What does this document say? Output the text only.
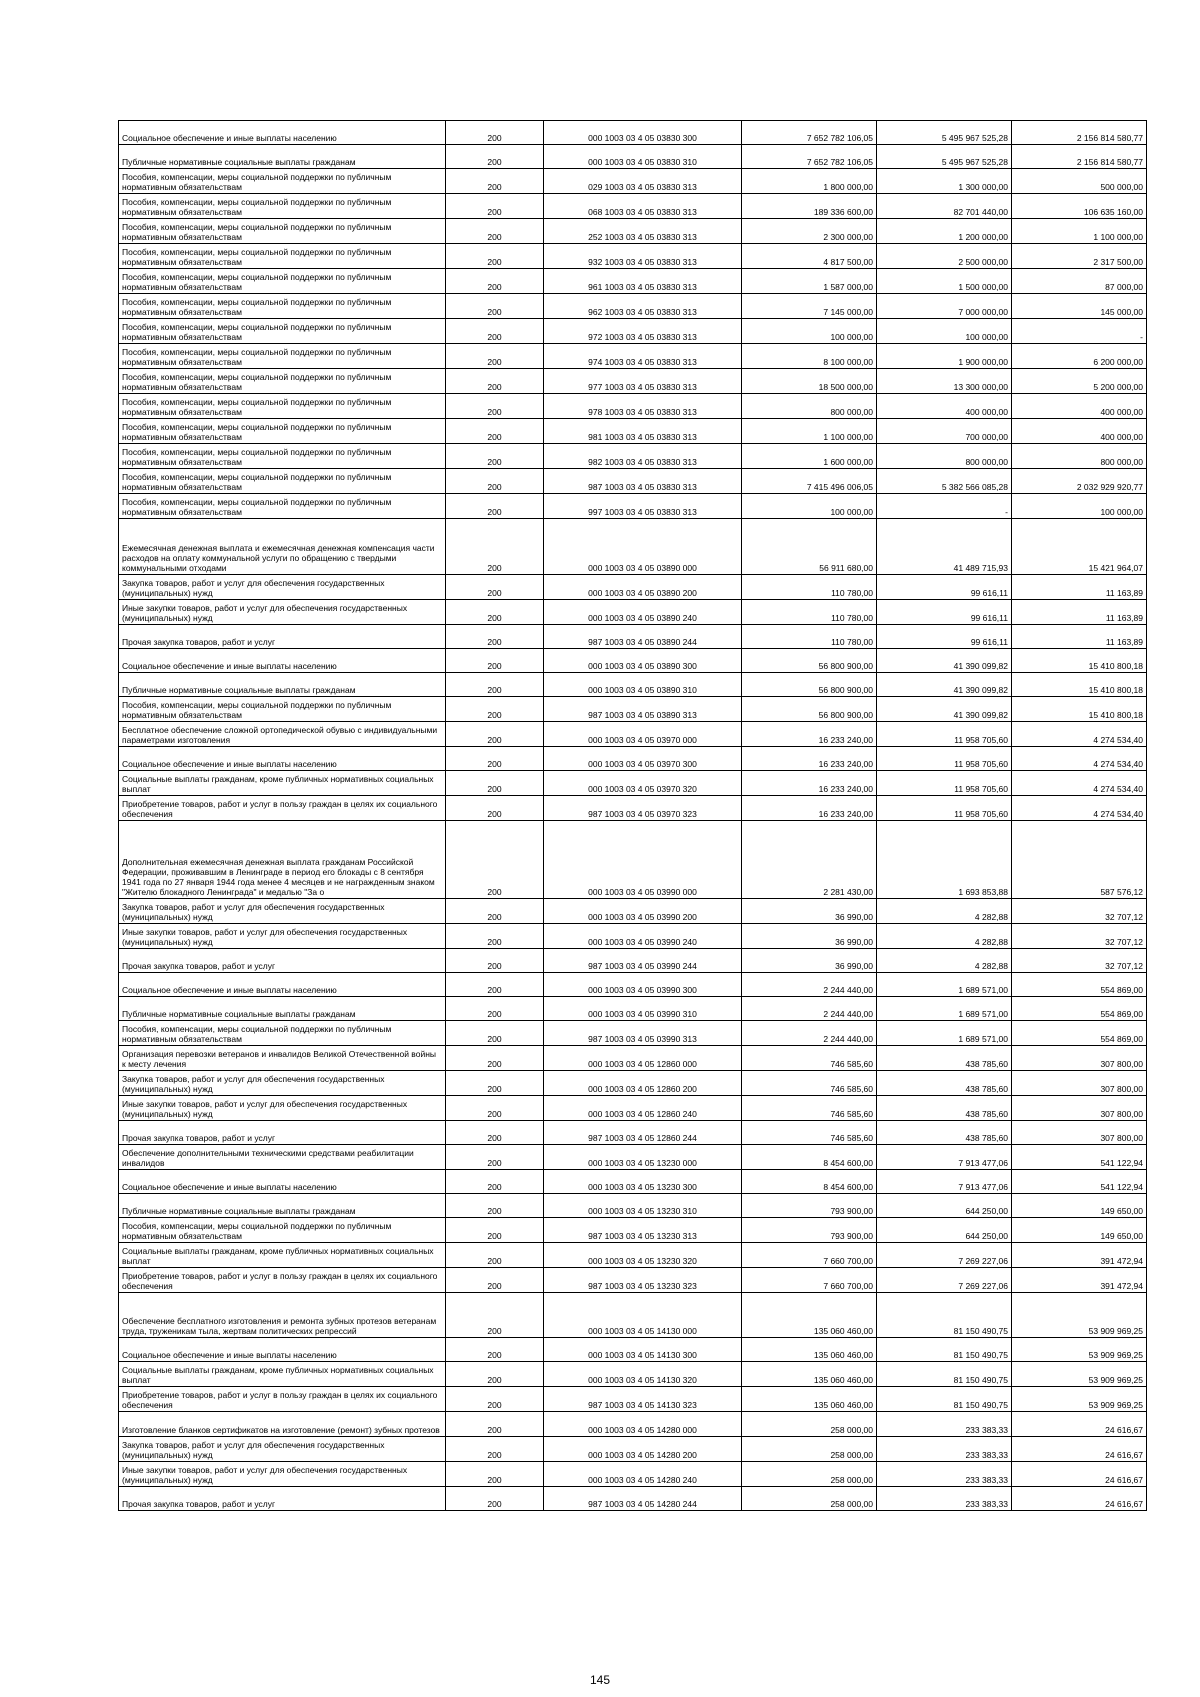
Социальное обеспечение и иные выплаты населению	200	000 1003 03 4 05 03830 300	7 652 782 106,05	5 495 967 525,28	2 156 814 580,77
Публичные нормативные социальные выплаты гражданам	200	000 1003 03 4 05 03830 310	7 652 782 106,05	5 495 967 525,28	2 156 814 580,77
Пособия, компенсации, меры социальной поддержки по публичным нормативным обязательствам	200	029 1003 03 4 05 03830 313	1 800 000,00	1 300 000,00	500 000,00
Пособия, компенсации, меры социальной поддержки по публичным нормативным обязательствам	200	068 1003 03 4 05 03830 313	189 336 600,00	82 701 440,00	106 635 160,00
Пособия, компенсации, меры социальной поддержки по публичным нормативным обязательствам	200	252 1003 03 4 05 03830 313	2 300 000,00	1 200 000,00	1 100 000,00
Пособия, компенсации, меры социальной поддержки по публичным нормативным обязательствам	200	932 1003 03 4 05 03830 313	4 817 500,00	2 500 000,00	2 317 500,00
Пособия, компенсации, меры социальной поддержки по публичным нормативным обязательствам	200	961 1003 03 4 05 03830 313	1 587 000,00	1 500 000,00	87 000,00
Пособия, компенсации, меры социальной поддержки по публичным нормативным обязательствам	200	962 1003 03 4 05 03830 313	7 145 000,00	7 000 000,00	145 000,00
Пособия, компенсации, меры социальной поддержки по публичным нормативным обязательствам	200	972 1003 03 4 05 03830 313	100 000,00	100 000,00	-
Пособия, компенсации, меры социальной поддержки по публичным нормативным обязательствам	200	974 1003 03 4 05 03830 313	8 100 000,00	1 900 000,00	6 200 000,00
Пособия, компенсации, меры социальной поддержки по публичным нормативным обязательствам	200	977 1003 03 4 05 03830 313	18 500 000,00	13 300 000,00	5 200 000,00
Пособия, компенсации, меры социальной поддержки по публичным нормативным обязательствам	200	978 1003 03 4 05 03830 313	800 000,00	400 000,00	400 000,00
Пособия, компенсации, меры социальной поддержки по публичным нормативным обязательствам	200	981 1003 03 4 05 03830 313	1 100 000,00	700 000,00	400 000,00
Пособия, компенсации, меры социальной поддержки по публичным нормативным обязательствам	200	982 1003 03 4 05 03830 313	1 600 000,00	800 000,00	800 000,00
Пособия, компенсации, меры социальной поддержки по публичным нормативным обязательствам	200	987 1003 03 4 05 03830 313	7 415 496 006,05	5 382 566 085,28	2 032 929 920,77
Пособия, компенсации, меры социальной поддержки по публичным нормативным обязательствам	200	997 1003 03 4 05 03830 313	100 000,00	-	100 000,00
Ежемесячная денежная выплата и ежемесячная денежная компенсация части расходов на оплату коммунальной услуги по обращению с твердыми коммунальными отходами	200	000 1003 03 4 05 03890 000	56 911 680,00	41 489 715,93	15 421 964,07
Закупка товаров, работ и услуг для обеспечения государственных (муниципальных) нужд	200	000 1003 03 4 05 03890 200	110 780,00	99 616,11	11 163,89
Иные закупки товаров, работ и услуг для обеспечения государственных (муниципальных) нужд	200	000 1003 03 4 05 03890 240	110 780,00	99 616,11	11 163,89
Прочая закупка товаров, работ и услуг	200	987 1003 03 4 05 03890 244	110 780,00	99 616,11	11 163,89
Социальное обеспечение и иные выплаты населению	200	000 1003 03 4 05 03890 300	56 800 900,00	41 390 099,82	15 410 800,18
Публичные нормативные социальные выплаты гражданам	200	000 1003 03 4 05 03890 310	56 800 900,00	41 390 099,82	15 410 800,18
Пособия, компенсации, меры социальной поддержки по публичным нормативным обязательствам	200	987 1003 03 4 05 03890 313	56 800 900,00	41 390 099,82	15 410 800,18
Бесплатное обеспечение сложной ортопедической обувью с индивидуальными параметрами изготовления	200	000 1003 03 4 05 03970 000	16 233 240,00	11 958 705,60	4 274 534,40
Социальное обеспечение и иные выплаты населению	200	000 1003 03 4 05 03970 300	16 233 240,00	11 958 705,60	4 274 534,40
Социальные выплаты гражданам, кроме публичных нормативных социальных выплат	200	000 1003 03 4 05 03970 320	16 233 240,00	11 958 705,60	4 274 534,40
Приобретение товаров, работ и услуг в пользу граждан в целях их социального обеспечения	200	987 1003 03 4 05 03970 323	16 233 240,00	11 958 705,60	4 274 534,40
Дополнительная ежемесячная денежная выплата гражданам Российской Федерации, проживавшим в Ленинграде в период его блокады с 8 сентября 1941 года по 27 января 1944 года менее 4 месяцев и не награжденным знаком "Жителю блокадного Ленинграда" и медалью "За о	200	000 1003 03 4 05 03990 000	2 281 430,00	1 693 853,88	587 576,12
Закупка товаров, работ и услуг для обеспечения государственных (муниципальных) нужд	200	000 1003 03 4 05 03990 200	36 990,00	4 282,88	32 707,12
Иные закупки товаров, работ и услуг для обеспечения государственных (муниципальных) нужд	200	000 1003 03 4 05 03990 240	36 990,00	4 282,88	32 707,12
Прочая закупка товаров, работ и услуг	200	987 1003 03 4 05 03990 244	36 990,00	4 282,88	32 707,12
Социальное обеспечение и иные выплаты населению	200	000 1003 03 4 05 03990 300	2 244 440,00	1 689 571,00	554 869,00
Публичные нормативные социальные выплаты гражданам	200	000 1003 03 4 05 03990 310	2 244 440,00	1 689 571,00	554 869,00
Пособия, компенсации, меры социальной поддержки по публичным нормативным обязательствам	200	987 1003 03 4 05 03990 313	2 244 440,00	1 689 571,00	554 869,00
Организация перевозки ветеранов и инвалидов Великой Отечественной войны к месту лечения	200	000 1003 03 4 05 12860 000	746 585,60	438 785,60	307 800,00
Закупка товаров, работ и услуг для обеспечения государственных (муниципальных) нужд	200	000 1003 03 4 05 12860 200	746 585,60	438 785,60	307 800,00
Иные закупки товаров, работ и услуг для обеспечения государственных (муниципальных) нужд	200	000 1003 03 4 05 12860 240	746 585,60	438 785,60	307 800,00
Прочая закупка товаров, работ и услуг	200	987 1003 03 4 05 12860 244	746 585,60	438 785,60	307 800,00
Обеспечение дополнительными техническими средствами реабилитации инвалидов	200	000 1003 03 4 05 13230 000	8 454 600,00	7 913 477,06	541 122,94
Социальное обеспечение и иные выплаты населению	200	000 1003 03 4 05 13230 300	8 454 600,00	7 913 477,06	541 122,94
Публичные нормативные социальные выплаты гражданам	200	000 1003 03 4 05 13230 310	793 900,00	644 250,00	149 650,00
Пособия, компенсации, меры социальной поддержки по публичным нормативным обязательствам	200	987 1003 03 4 05 13230 313	793 900,00	644 250,00	149 650,00
Социальные выплаты гражданам, кроме публичных нормативных социальных выплат	200	000 1003 03 4 05 13230 320	7 660 700,00	7 269 227,06	391 472,94
Приобретение товаров, работ и услуг в пользу граждан в целях их социального обеспечения	200	987 1003 03 4 05 13230 323	7 660 700,00	7 269 227,06	391 472,94
Обеспечение бесплатного изготовления и ремонта зубных протезов ветеранам труда, труженикам тыла, жертвам политических репрессий	200	000 1003 03 4 05 14130 000	135 060 460,00	81 150 490,75	53 909 969,25
Социальное обеспечение и иные выплаты населению	200	000 1003 03 4 05 14130 300	135 060 460,00	81 150 490,75	53 909 969,25
Социальные выплаты гражданам, кроме публичных нормативных социальных выплат	200	000 1003 03 4 05 14130 320	135 060 460,00	81 150 490,75	53 909 969,25
Приобретение товаров, работ и услуг в пользу граждан в целях их социального обеспечения	200	987 1003 03 4 05 14130 323	135 060 460,00	81 150 490,75	53 909 969,25
Изготовление бланков сертификатов на изготовление (ремонт) зубных протезов	200	000 1003 03 4 05 14280 000	258 000,00	233 383,33	24 616,67
Закупка товаров, работ и услуг для обеспечения государственных (муниципальных) нужд	200	000 1003 03 4 05 14280 200	258 000,00	233 383,33	24 616,67
Иные закупки товаров, работ и услуг для обеспечения государственных (муниципальных) нужд	200	000 1003 03 4 05 14280 240	258 000,00	233 383,33	24 616,67
Прочая закупка товаров, работ и услуг	200	987 1003 03 4 05 14280 244	258 000,00	233 383,33	24 616,67
145
